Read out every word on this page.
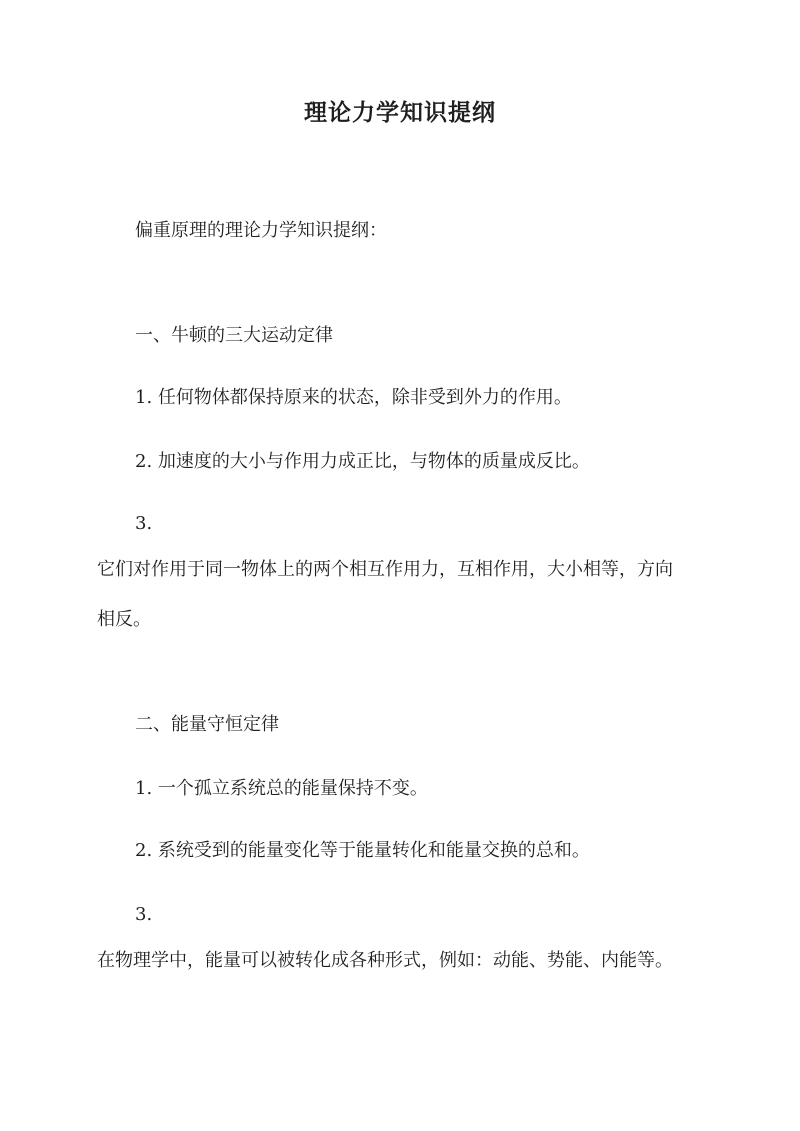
理论力学知识提纲

偏重原理的理论力学知识提纲：

一、牛顿的三大运动定律

1. 任何物体都保持原来的状态，除非受到外力的作用。

2. 加速度的大小与作用力成正比，与物体的质量成反比。

3.

它们对作用于同一物体上的两个相互作用力，互相作用，大小相等，方向

相反。

二、能量守恒定律

1. 一个孤立系统总的能量保持不变。

2. 系统受到的能量变化等于能量转化和能量交换的总和。

3.

在物理学中，能量可以被转化成各种形式，例如：动能、势能、内能等。
